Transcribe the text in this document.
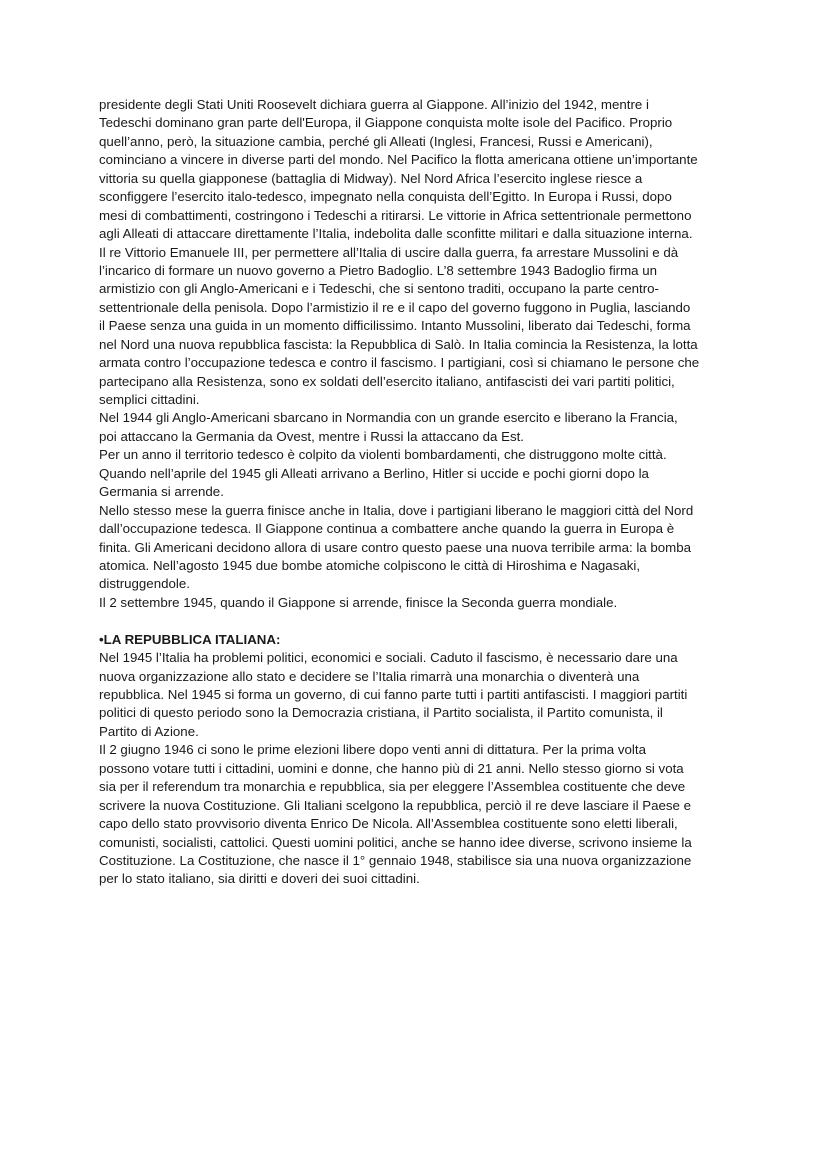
presidente degli Stati Uniti Roosevelt dichiara guerra al Giappone. All’inizio del 1942, mentre i
Tedeschi dominano gran parte dell'Europa, il Giappone conquista molte isole del Pacifico. Proprio
quell’anno, però, la situazione cambia, perché gli Alleati (Inglesi, Francesi, Russi e Americani),
cominciano a vincere in diverse parti del mondo. Nel Pacifico la flotta americana ottiene un’importante
vittoria su quella giapponese (battaglia di Midway). Nel Nord Africa l’esercito inglese riesce a
sconfiggere l’esercito italo-tedesco, impegnato nella conquista dell’Egitto. In Europa i Russi, dopo
mesi di combattimenti, costringono i Tedeschi a ritirarsi. Le vittorie in Africa settentrionale permettono
agli Alleati di attaccare direttamente l’Italia, indebolita dalle sconfitte militari e dalla situazione interna.
Il re Vittorio Emanuele III, per permettere all’Italia di uscire dalla guerra, fa arrestare Mussolini e dà
l’incarico di formare un nuovo governo a Pietro Badoglio. L’8 settembre 1943 Badoglio firma un
armistizio con gli Anglo-Americani e i Tedeschi, che si sentono traditi, occupano la parte centro-
settentrionale della penisola. Dopo l’armistizio il re e il capo del governo fuggono in Puglia, lasciando
il Paese senza una guida in un momento difficilissimo. Intanto Mussolini, liberato dai Tedeschi, forma
nel Nord una nuova repubblica fascista: la Repubblica di Salò. In Italia comincia la Resistenza, la lotta
armata contro l’occupazione tedesca e contro il fascismo. I partigiani, così si chiamano le persone che
partecipano alla Resistenza, sono ex soldati dell’esercito italiano, antifascisti dei vari partiti politici,
semplici cittadini.
Nel 1944 gli Anglo-Americani sbarcano in Normandia con un grande esercito e liberano la Francia,
poi attaccano la Germania da Ovest, mentre i Russi la attaccano da Est.
Per un anno il territorio tedesco è colpito da violenti bombardamenti, che distruggono molte città.
Quando nell’aprile del 1945 gli Alleati arrivano a Berlino, Hitler si uccide e pochi giorni dopo la
Germania si arrende.
Nello stesso mese la guerra finisce anche in Italia, dove i partigiani liberano le maggiori città del Nord
dall’occupazione tedesca. Il Giappone continua a combattere anche quando la guerra in Europa è
finita. Gli Americani decidono allora di usare contro questo paese una nuova terribile arma: la bomba
atomica. Nell’agosto 1945 due bombe atomiche colpiscono le città di Hiroshima e Nagasaki,
distruggendole.
Il 2 settembre 1945, quando il Giappone si arrende, finisce la Seconda guerra mondiale.
•LA REPUBBLICA ITALIANA:
Nel 1945 l’Italia ha problemi politici, economici e sociali. Caduto il fascismo, è necessario dare una
nuova organizzazione allo stato e decidere se l’Italia rimarrà una monarchia o diventerà una
repubblica. Nel 1945 si forma un governo, di cui fanno parte tutti i partiti antifascisti. I maggiori partiti
politici di questo periodo sono la Democrazia cristiana, il Partito socialista, il Partito comunista, il
Partito di Azione.
Il 2 giugno 1946 ci sono le prime elezioni libere dopo venti anni di dittatura. Per la prima volta
possono votare tutti i cittadini, uomini e donne, che hanno più di 21 anni. Nello stesso giorno si vota
sia per il referendum tra monarchia e repubblica, sia per eleggere l’Assemblea costituente che deve
scrivere la nuova Costituzione. Gli Italiani scelgono la repubblica, perciò il re deve lasciare il Paese e
capo dello stato provvisorio diventa Enrico De Nicola. All’Assemblea costituente sono eletti liberali,
comunisti, socialisti, cattolici. Questi uomini politici, anche se hanno idee diverse, scrivono insieme la
Costituzione. La Costituzione, che nasce il 1° gennaio 1948, stabilisce sia una nuova organizzazione
per lo stato italiano, sia diritti e doveri dei suoi cittadini.
